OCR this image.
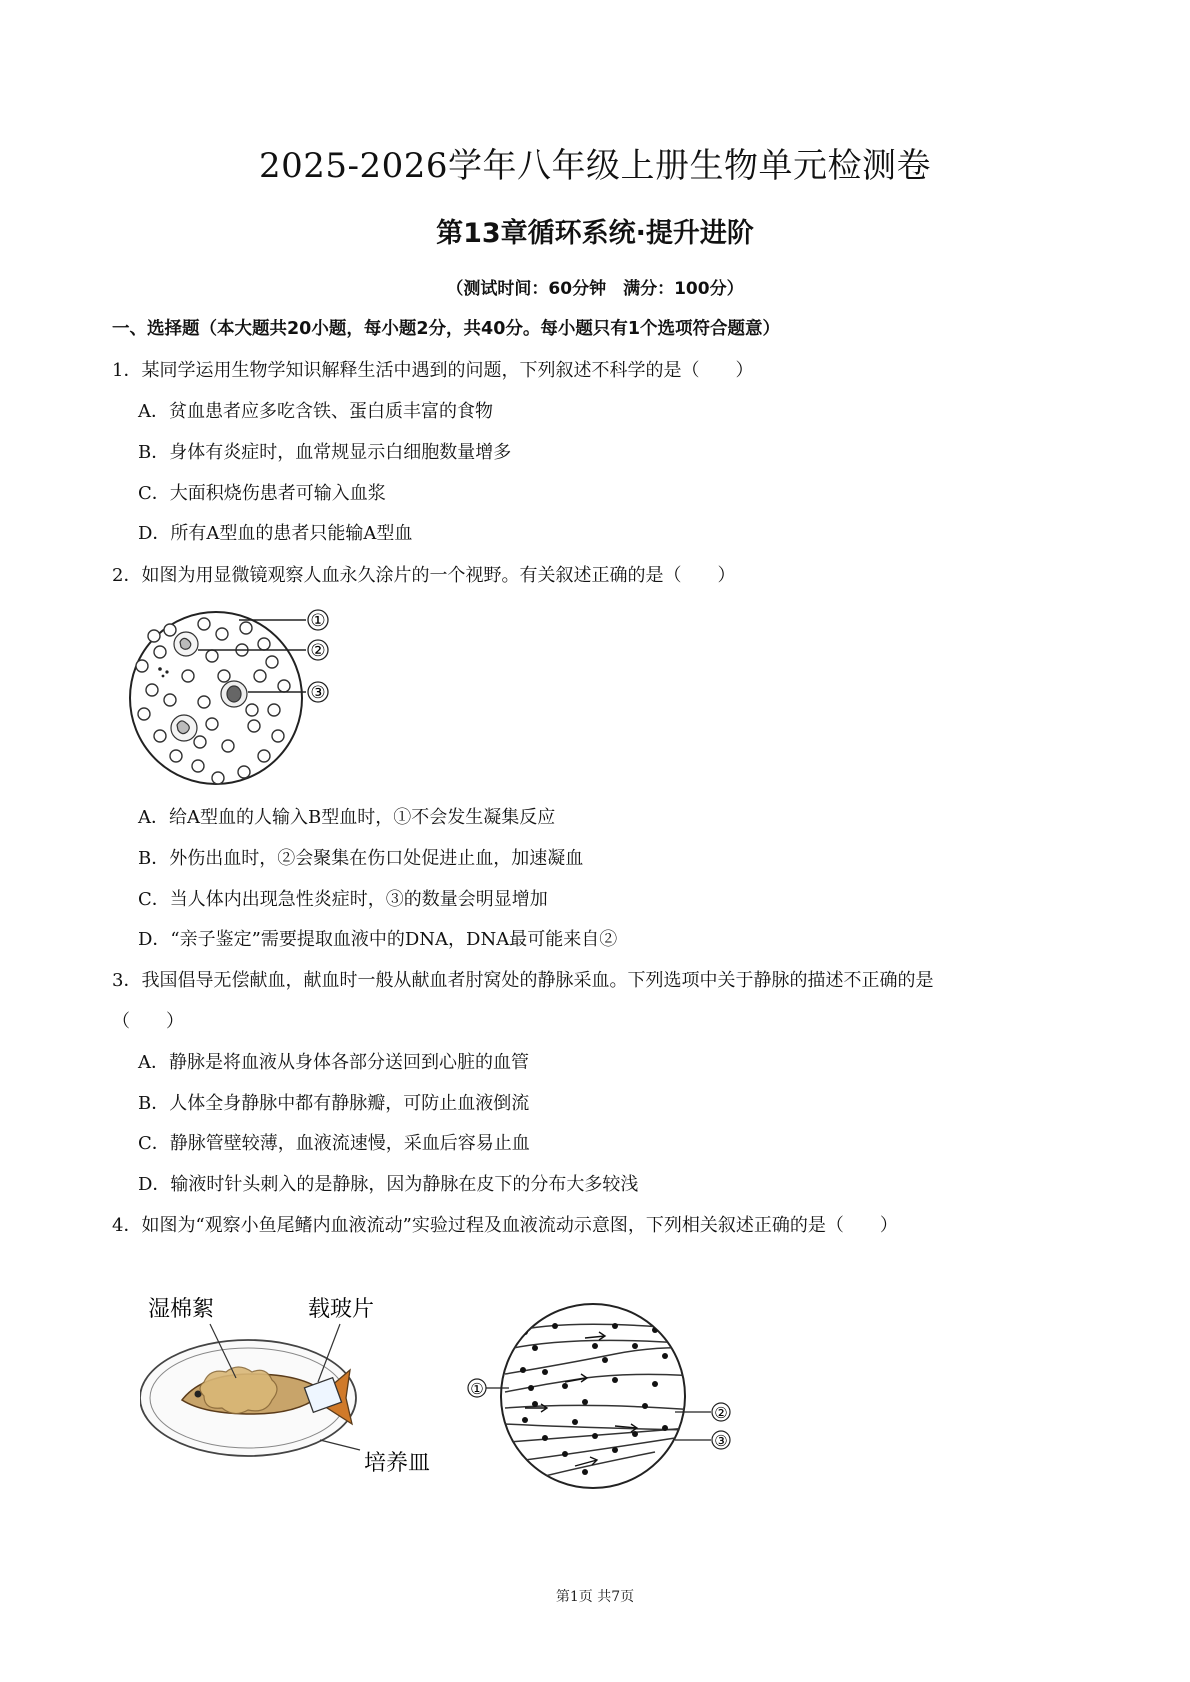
2025-2026学年八年级上册生物单元检测卷
第13章循环系统·提升进阶
（测试时间：60分钟　满分：100分）
一、选择题（本大题共20小题，每小题2分，共40分。每小题只有1个选项符合题意）
1．某同学运用生物学知识解释生活中遇到的问题，下列叙述不科学的是（　　）
A．贫血患者应多吃含铁、蛋白质丰富的食物
B．身体有炎症时，血常规显示白细胞数量增多
C．大面积烧伤患者可输入血浆
D．所有A型血的患者只能输A型血
2．如图为用显微镜观察人血永久涂片的一个视野。有关叙述正确的是（　　）
①
②
③
A．给A型血的人输入B型血时，①不会发生凝集反应
B．外伤出血时，②会聚集在伤口处促进止血，加速凝血
C．当人体内出现急性炎症时，③的数量会明显增加
D．“亲子鉴定”需要提取血液中的DNA，DNA最可能来自②
3．我国倡导无偿献血，献血时一般从献血者肘窝处的静脉采血。下列选项中关于静脉的描述不正确的是
（　　）
A．静脉是将血液从身体各部分送回到心脏的血管
B．人体全身静脉中都有静脉瓣，可防止血液倒流
C．静脉管壁较薄，血液流速慢，采血后容易止血
D．输液时针头刺入的是静脉，因为静脉在皮下的分布大多较浅
4．如图为“观察小鱼尾鳍内血液流动”实验过程及血液流动示意图，下列相关叙述正确的是（　　）
湿棉絮	载玻片
培养皿
①
②
③
第1页 共7页
